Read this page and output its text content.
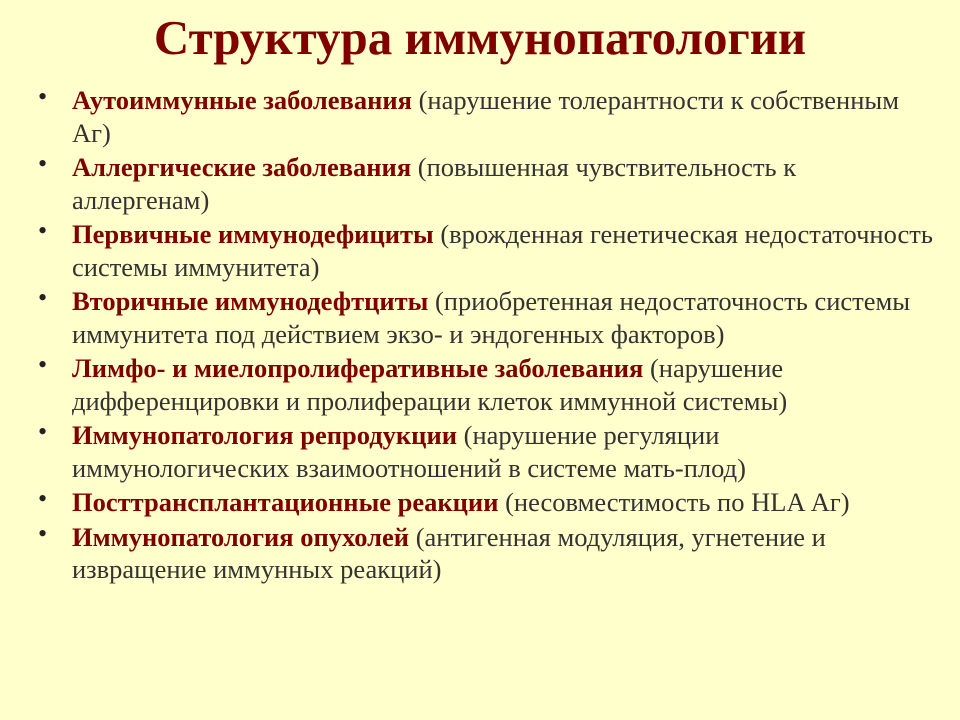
Структура иммунопатологии
• Аутоиммунные заболевания (нарушение толерантности к собственным Аг)
• Аллергические заболевания (повышенная чувствительность к аллергенам)
• Первичные иммунодефициты (врожденная генетическая недостаточность системы иммунитета)
• Вторичные иммунодефтциты (приобретенная недостаточность системы иммунитета под действием экзо- и эндогенных факторов)
• Лимфо- и миелопролиферативные заболевания (нарушение дифференцировки и пролиферации клеток иммунной системы)
• Иммунопатология репродукции (нарушение регуляции иммунологических взаимоотношений в системе мать-плод)
• Посттрансплантационные реакции (несовместимость по HLA Аг)
• Иммунопатология опухолей (антигенная модуляция, угнетение и извращение иммунных реакций)
